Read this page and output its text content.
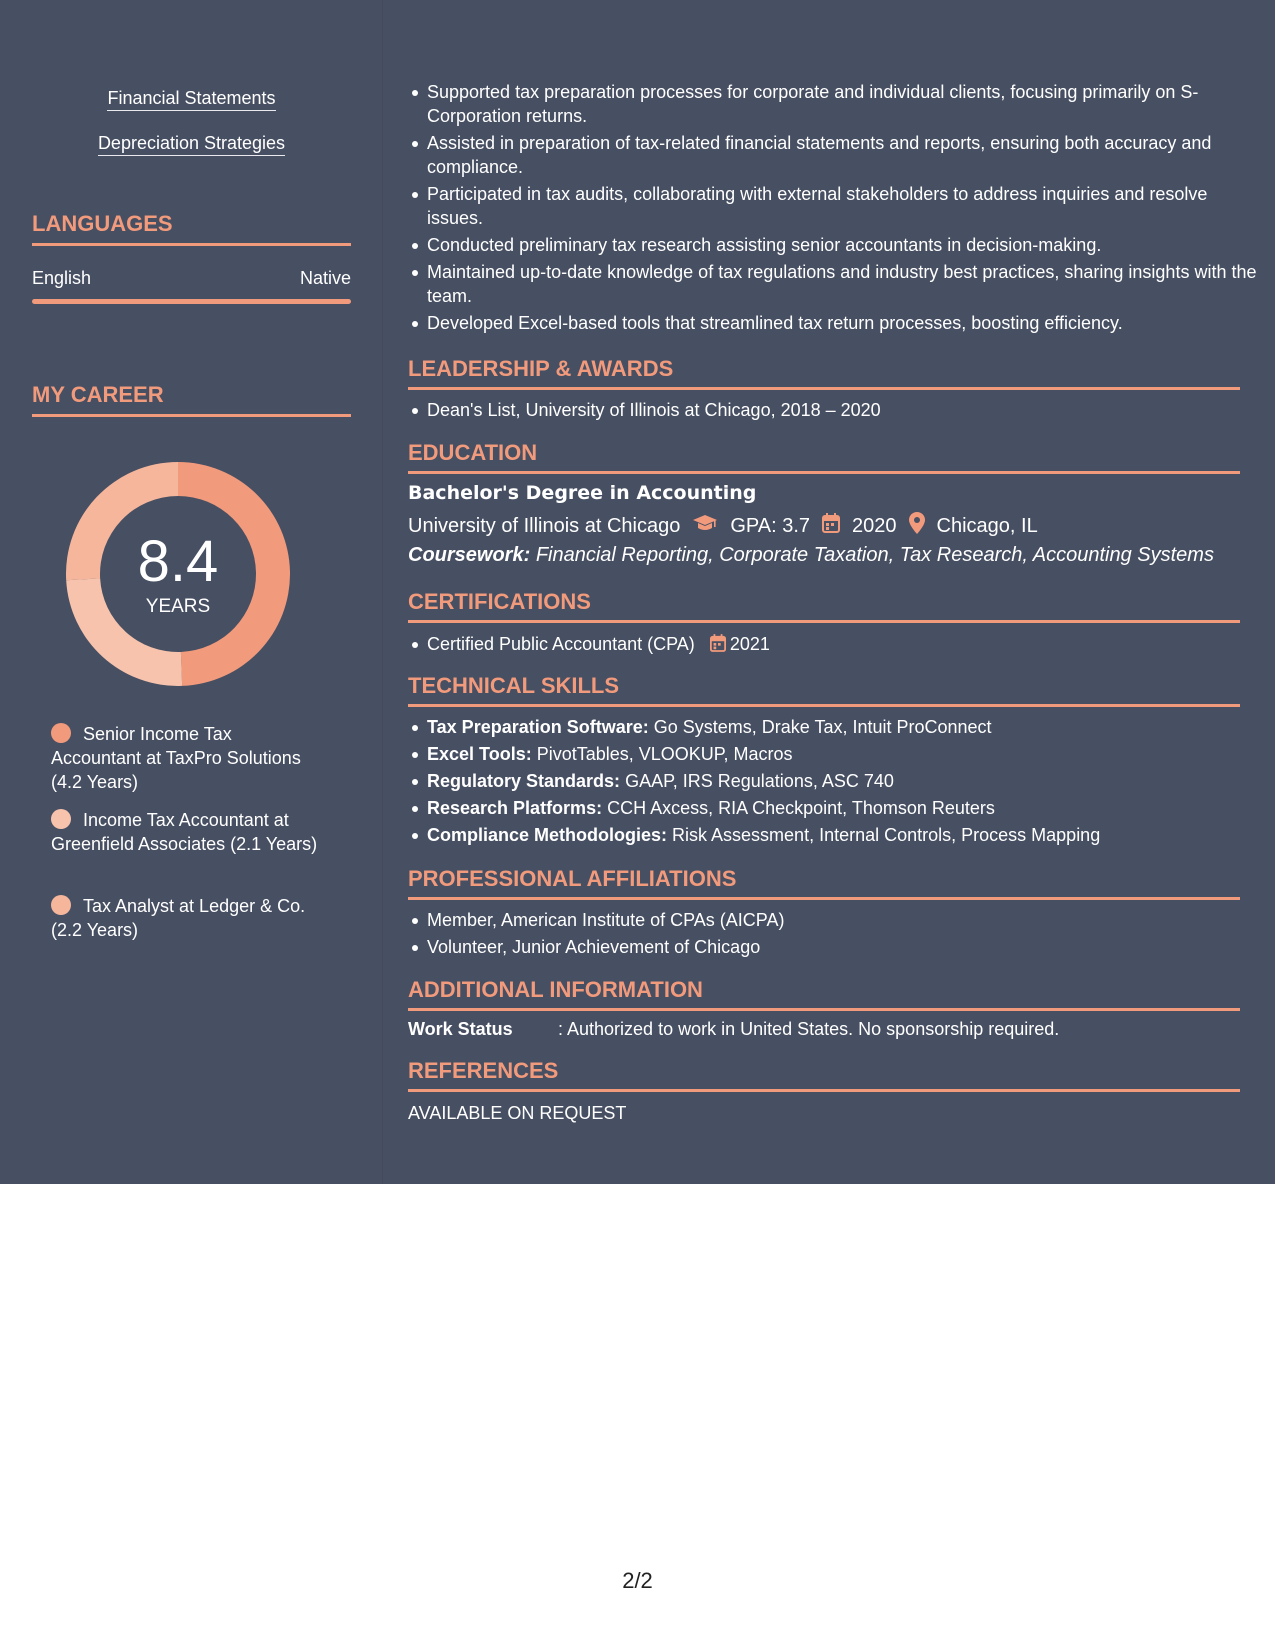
Financial Statements
Depreciation Strategies
LANGUAGES
English	Native
MY CAREER
8.4
YEARS
Senior Income Tax Accountant at TaxPro Solutions (4.2 Years)
Income Tax Accountant at Greenfield Associates (2.1 Years)
Tax Analyst at Ledger & Co. (2.2 Years)
Supported tax preparation processes for corporate and individual clients, focusing primarily on S-Corporation returns.
Assisted in preparation of tax-related financial statements and reports, ensuring both accuracy and compliance.
Participated in tax audits, collaborating with external stakeholders to address inquiries and resolve issues.
Conducted preliminary tax research assisting senior accountants in decision-making.
Maintained up-to-date knowledge of tax regulations and industry best practices, sharing insights with the team.
Developed Excel-based tools that streamlined tax return processes, boosting efficiency.
LEADERSHIP & AWARDS
Dean's List, University of Illinois at Chicago, 2018 – 2020
EDUCATION
Bachelor's Degree in Accounting
University of Illinois at Chicago	GPA: 3.7 2020 Chicago, IL
Coursework: Financial Reporting, Corporate Taxation, Tax Research, Accounting Systems
CERTIFICATIONS
Certified Public Accountant (CPA) 2021
TECHNICAL SKILLS
Tax Preparation Software: Go Systems, Drake Tax, Intuit ProConnect
Excel Tools: PivotTables, VLOOKUP, Macros
Regulatory Standards: GAAP, IRS Regulations, ASC 740
Research Platforms: CCH Axcess, RIA Checkpoint, Thomson Reuters
Compliance Methodologies: Risk Assessment, Internal Controls, Process Mapping
PROFESSIONAL AFFILIATIONS
Member, American Institute of CPAs (AICPA)
Volunteer, Junior Achievement of Chicago
ADDITIONAL INFORMATION
Work Status	: Authorized to work in United States. No sponsorship required.
REFERENCES
AVAILABLE ON REQUEST
2/2
